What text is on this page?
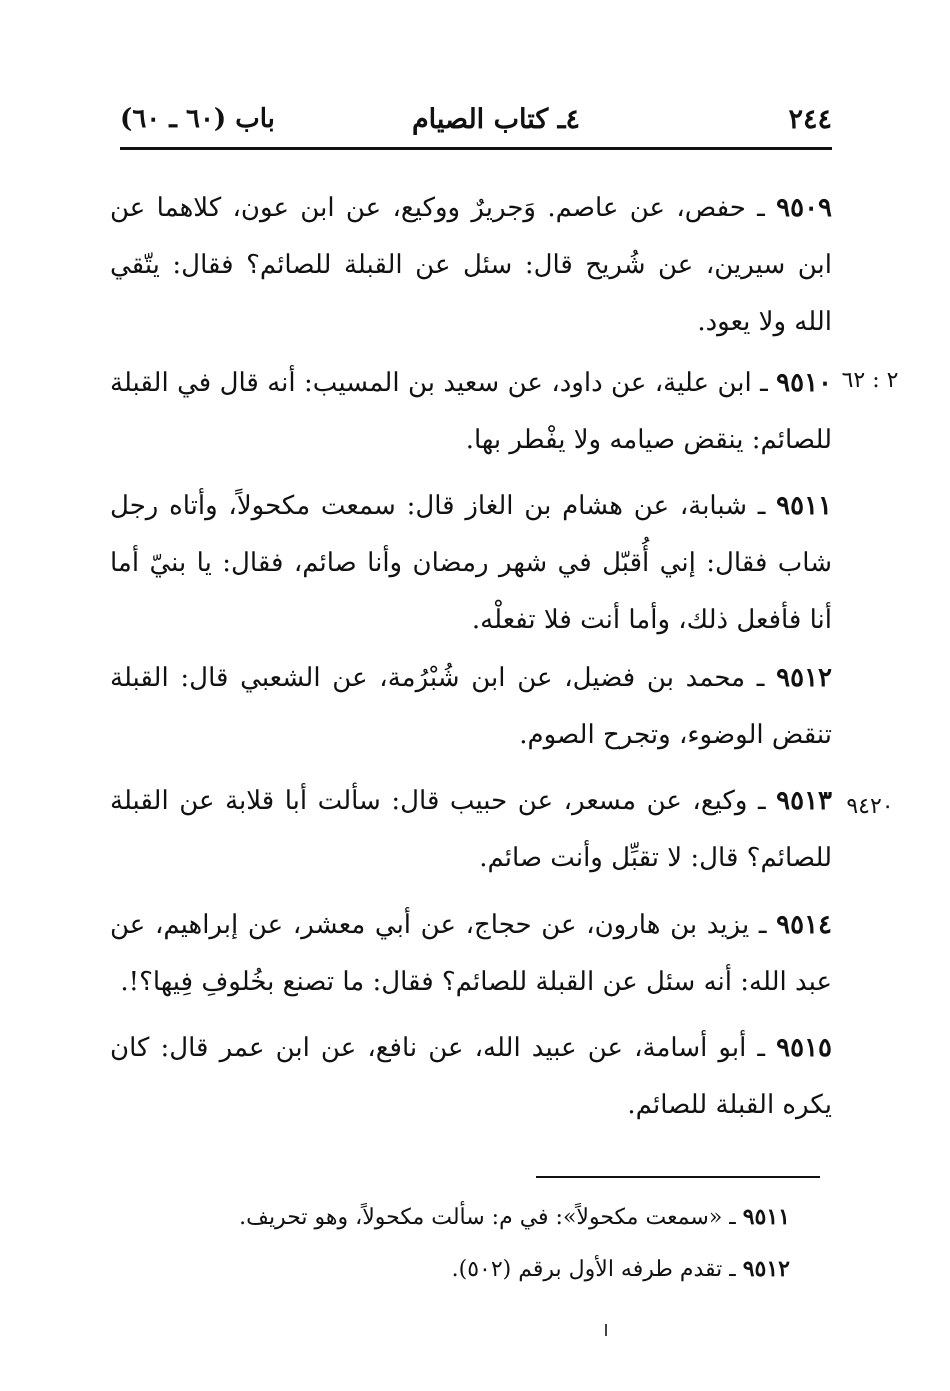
٢٤٤
٤ـ كتاب الصيام
باب (٦٠ ـ ٦٠)
٩٥٠٩ ـ حفص، عن عاصم. وَجريرٌ ووكيع، عن ابن عون، كلاهما عن ابن سيرين، عن شُريح قال: سئل عن القبلة للصائم؟ فقال: يتّقي الله ولا يعود.
٢ : ٦٢
٩٥١٠ ـ ابن علية، عن داود، عن سعيد بن المسيب: أنه قال في القبلة للصائم: ينقض صيامه ولا يفْطر بها.
٩٥١١ ـ شبابة، عن هشام بن الغاز قال: سمعت مكحولاً، وأتاه رجل شاب فقال: إني أُقبّل في شهر رمضان وأنا صائم، فقال: يا بنيّ أما أنا فأفعل ذلك، وأما أنت فلا تفعلْه.
٩٥١٢ ـ محمد بن فضيل، عن ابن شُبْرُمة، عن الشعبي قال: القبلة تنقض الوضوء، وتجرح الصوم.
٩٤٢٠
٩٥١٣ ـ وكيع، عن مسعر، عن حبيب قال: سألت أبا قلابة عن القبلة للصائم؟ قال: لا تقبِّل وأنت صائم.
٩٥١٤ ـ يزيد بن هارون، عن حجاج، عن أبي معشر، عن إبراهيم، عن عبد الله: أنه سئل عن القبلة للصائم؟ فقال: ما تصنع بخُلوفِ فِيها؟!.
٩٥١٥ ـ أبو أسامة، عن عبيد الله، عن نافع، عن ابن عمر قال: كان يكره القبلة للصائم.
٩٥١١ ـ «سمعت مكحولاً»: في م: سألت مكحولاً، وهو تحريف.
٩٥١٢ ـ تقدم طرفه الأول برقم (٥٠٢).
